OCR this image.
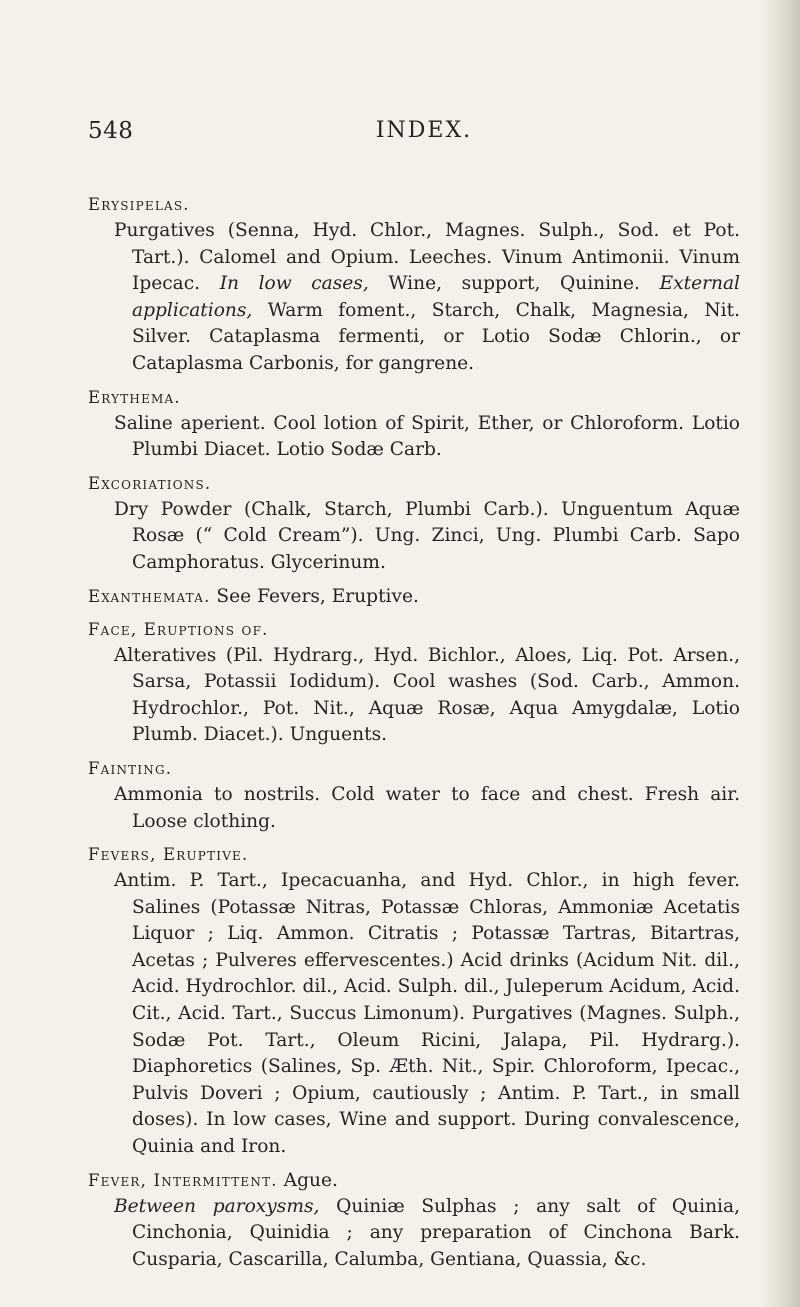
548	INDEX.
Erysipelas.
Purgatives (Senna, Hyd. Chlor., Magnes. Sulph., Sod. et Pot. Tart.). Calomel and Opium. Leeches. Vinum Antimonii. Vinum Ipecac. In low cases, Wine, support, Quinine. External applications, Warm foment., Starch, Chalk, Magnesia, Nit. Silver. Cataplasma fermenti, or Lotio Sodæ Chlorin., or Cataplasma Carbonis, for gangrene.
Erythema.
Saline aperient. Cool lotion of Spirit, Ether, or Chloroform. Lotio Plumbi Diacet. Lotio Sodæ Carb.
Excoriations.
Dry Powder (Chalk, Starch, Plumbi Carb.). Unguentum Aquæ Rosæ (“ Cold Cream”). Ung. Zinci, Ung. Plumbi Carb. Sapo Camphoratus. Glycerinum.
Exanthemata. See Fevers, Eruptive.
Face, Eruptions of.
Alteratives (Pil. Hydrarg., Hyd. Bichlor., Aloes, Liq. Pot. Arsen., Sarsa, Potassii Iodidum). Cool washes (Sod. Carb., Ammon. Hydrochlor., Pot. Nit., Aquæ Rosæ, Aqua Amygdalæ, Lotio Plumb. Diacet.). Unguents.
Fainting.
Ammonia to nostrils. Cold water to face and chest. Fresh air. Loose clothing.
Fevers, Eruptive.
Antim. P. Tart., Ipecacuanha, and Hyd. Chlor., in high fever. Salines (Potassæ Nitras, Potassæ Chloras, Ammoniæ Acetatis Liquor ; Liq. Ammon. Citratis ; Potassæ Tartras, Bitartras, Acetas ; Pulveres effervescentes.) Acid drinks (Acidum Nit. dil., Acid. Hydrochlor. dil., Acid. Sulph. dil., Juleperum Acidum, Acid. Cit., Acid. Tart., Succus Limonum). Purgatives (Magnes. Sulph., Sodæ Pot. Tart., Oleum Ricini, Jalapa, Pil. Hydrarg.). Diaphoretics (Salines, Sp. Æth. Nit., Spir. Chloroform, Ipecac., Pulvis Doveri ; Opium, cautiously ; Antim. P. Tart., in small doses). In low cases, Wine and support. During convalescence, Quinia and Iron.
Fever, Intermittent. Ague.
Between paroxysms, Quiniæ Sulphas ; any salt of Quinia, Cinchonia, Quinidia ; any preparation of Cinchona Bark. Cusparia, Cascarilla, Calumba, Gentiana, Quassia, &c.
